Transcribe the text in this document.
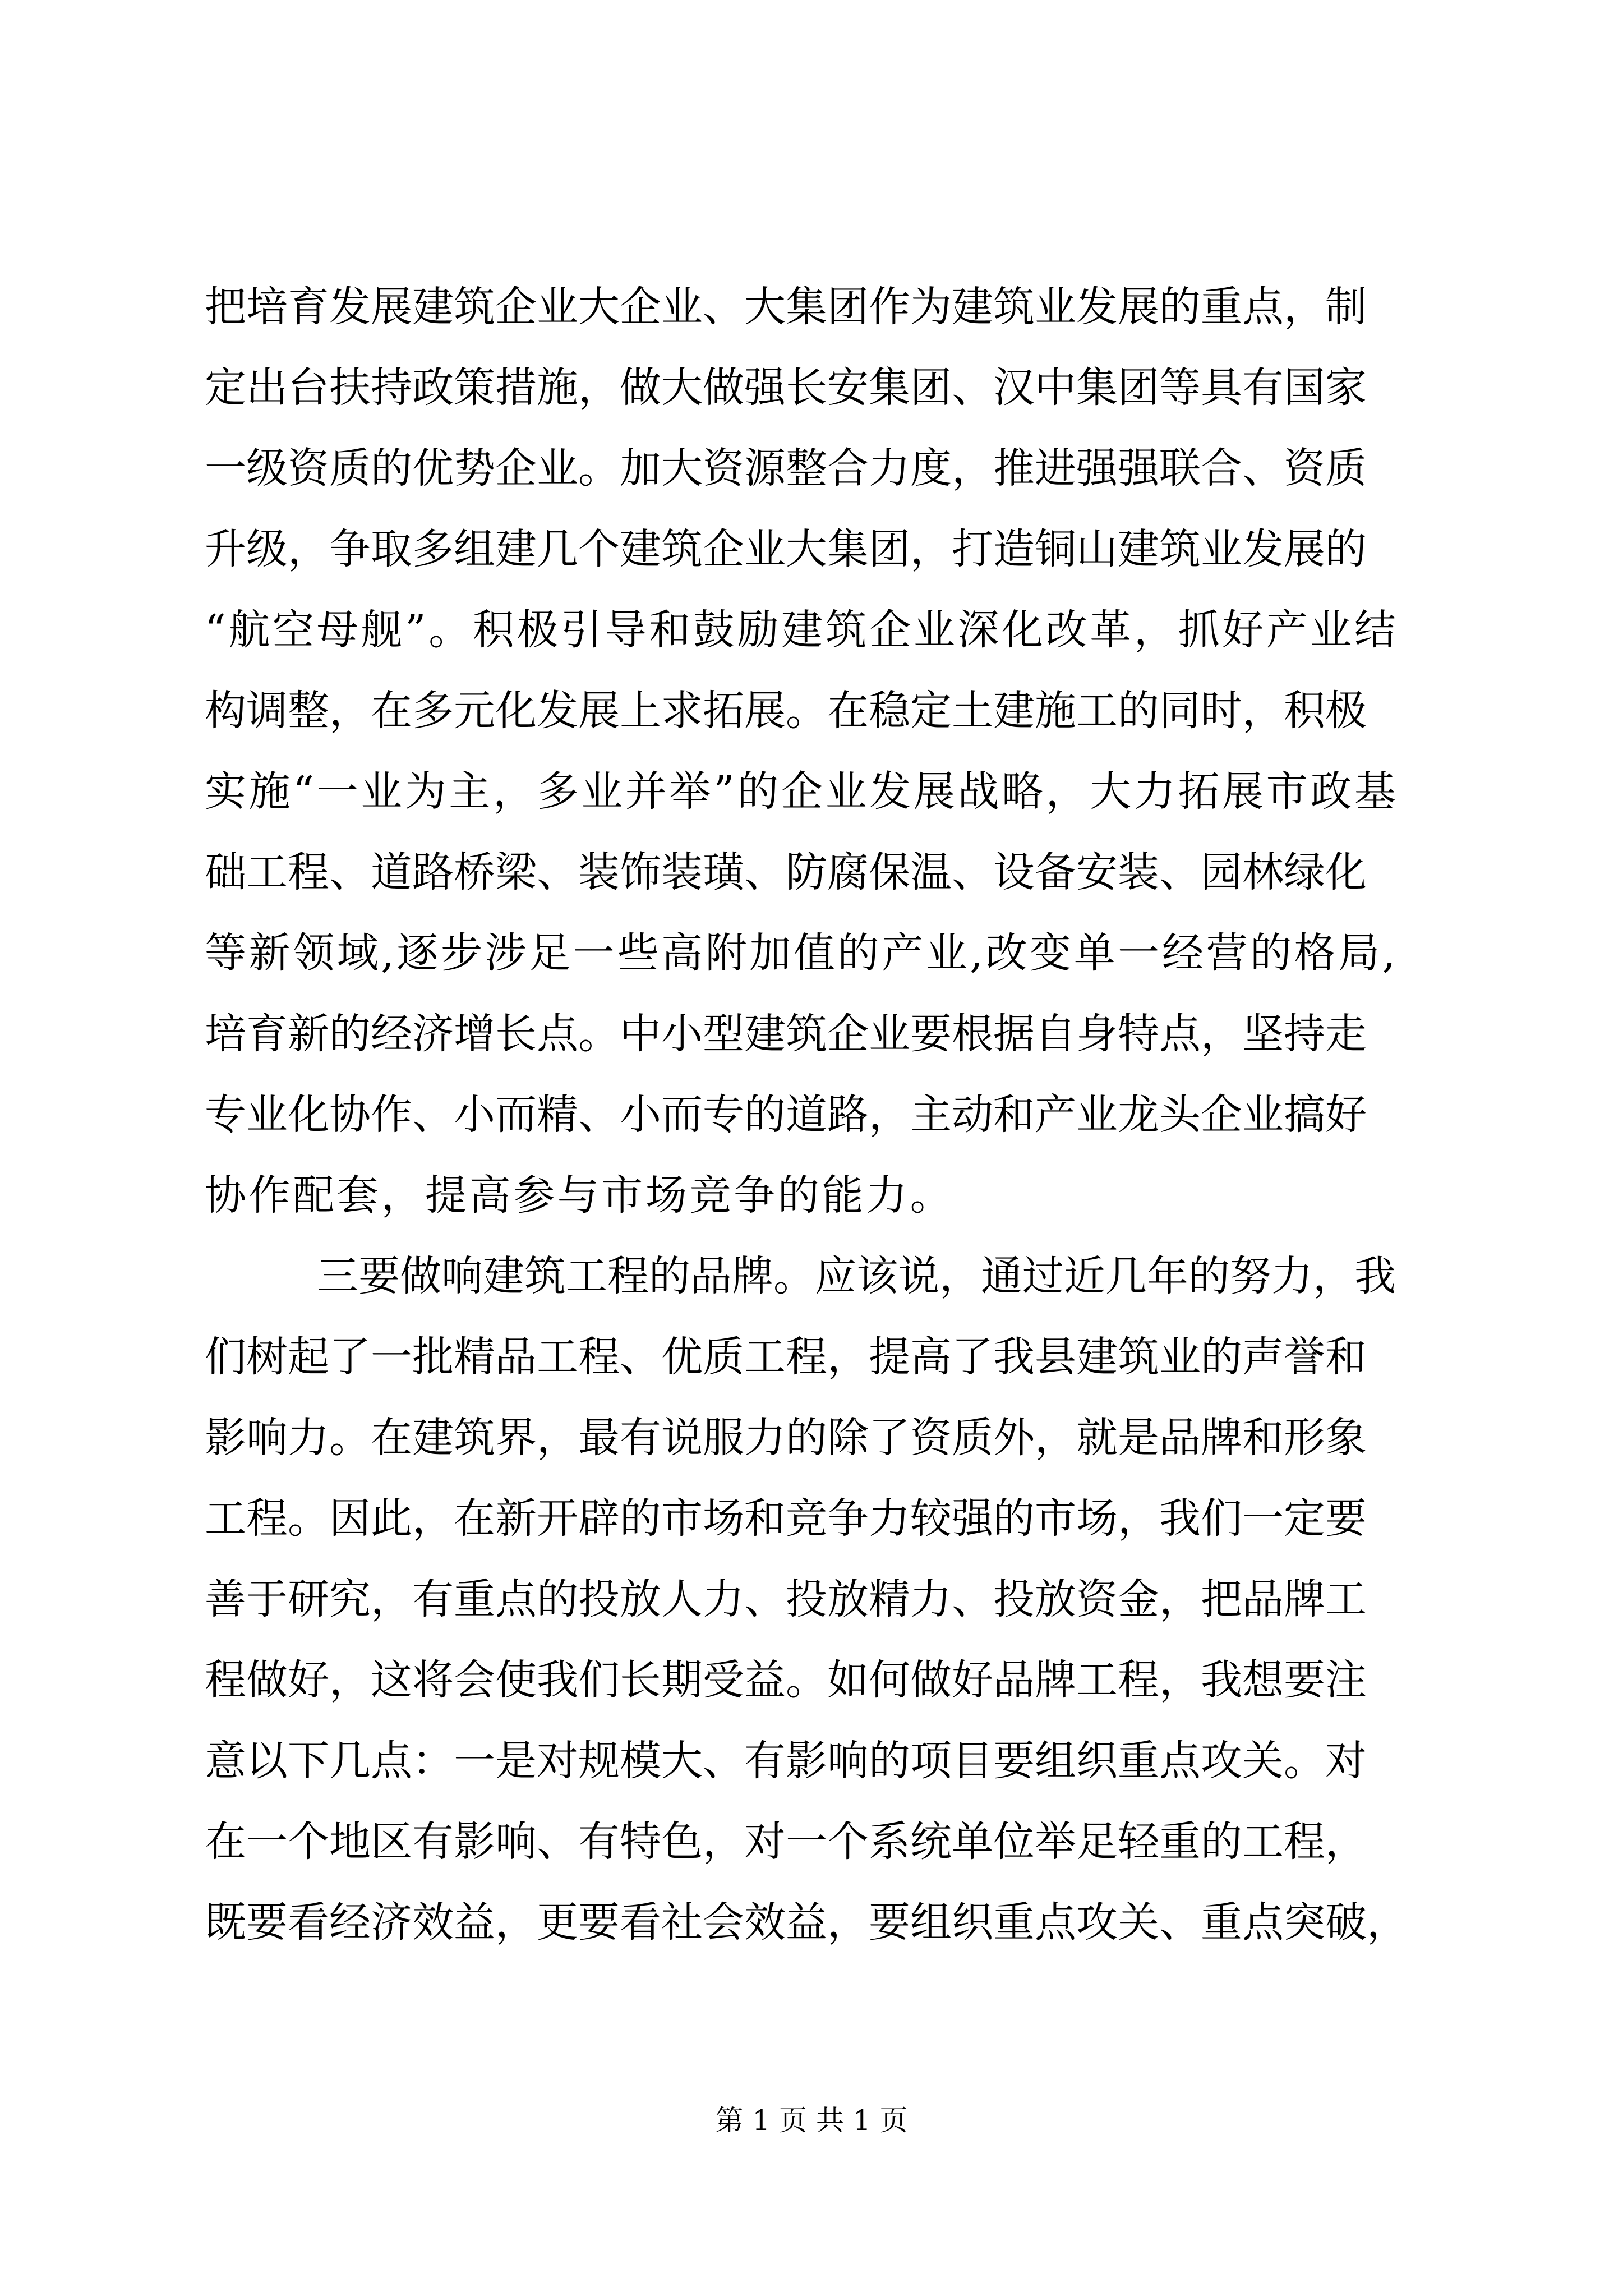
把培育发展建筑企业大企业、大集团作为建筑业发展的重点，制
定出台扶持政策措施，做大做强长安集团、汉中集团等具有国家
一级资质的优势企业。加大资源整合力度，推进强强联合、资质
升级，争取多组建几个建筑企业大集团，打造铜山建筑业发展的
“航空母舰”。积极引导和鼓励建筑企业深化改革，抓好产业结
构调整，在多元化发展上求拓展。在稳定土建施工的同时，积极
实施“一业为主，多业并举”的企业发展战略，大力拓展市政基
础工程、道路桥梁、装饰装璜、防腐保温、设备安装、园林绿化
等新领域,逐步涉足一些高附加值的产业,改变单一经营的格局,
培育新的经济增长点。中小型建筑企业要根据自身特点，坚持走
专业化协作、小而精、小而专的道路，主动和产业龙头企业搞好
协作配套，提高参与市场竞争的能力。
三要做响建筑工程的品牌。应该说，通过近几年的努力，我
们树起了一批精品工程、优质工程，提高了我县建筑业的声誉和
影响力。在建筑界，最有说服力的除了资质外，就是品牌和形象
工程。因此，在新开辟的市场和竞争力较强的市场，我们一定要
善于研究，有重点的投放人力、投放精力、投放资金，把品牌工
程做好，这将会使我们长期受益。如何做好品牌工程，我想要注
意以下几点：一是对规模大、有影响的项目要组织重点攻关。对
在一个地区有影响、有特色，对一个系统单位举足轻重的工程，
既要看经济效益，更要看社会效益，要组织重点攻关、重点突破，
第 1 页 共 1 页
